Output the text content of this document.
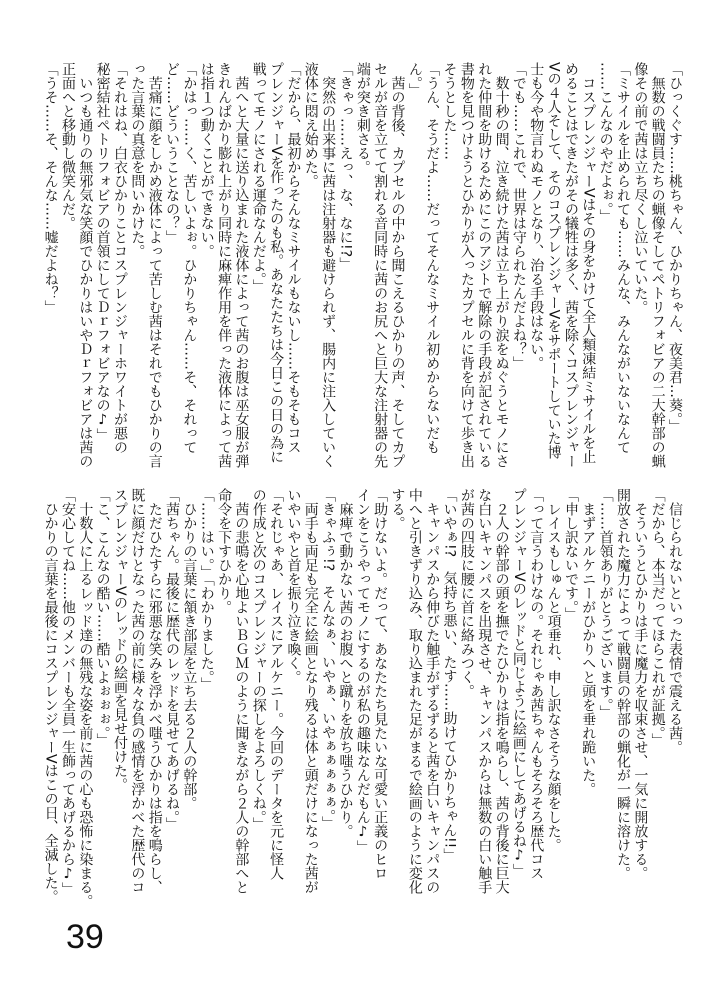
「ひっくぐす……桃ちゃん、ひかりちゃん、夜美君…葵。」
　無数の戦闘員たちの蝋像そしてペトリフォビアの二大幹部の蝋
像その前で茜は立ち尽くし泣いていた。
「ミサイルを止められても……みんな、みんながいないなんて
……こんなのやだよぉ。」
　コスプレンジャーVはその身をかけて全人類凍結ミサイルを止
めることはできたがその犠牲は多く、茜を除くコスプレンジャー
Vの４人そして、そのコスプレンジャーVをサポートしていた博
士も今や物言わぬモノとなり、治る手段はない。
「でも……これで、世界は守られたんだよね？」
　数十秒の間、泣き続けた茜は立ち上がり涙をぬぐうとモノにさ
れた仲間を助けるためにこのアジトで解除の手段が記されている
書物を見つけようとひかりが入ったカプセルに背を向けて歩き出
そうとした……
「うん、そうだよ……だってそんなミサイル初めからないだも
ん。」
　茜の背後、カプセルの中から聞こえるひかりの声、そしてカプ
セルが音を立てて割れる音同時に茜のお尻へと巨大な注射器の先
端が突き刺さる。
「きゃっ……えっ、な、なに!?」
　突然の出来事に茜は注射器も避けられず、腸内に注入していく
液体に悶え始めた。
「だから、最初からそんなミサイルもないし……そもそもコス
プレンジャーVを作ったのも私。あなたたちは今日この日の為に
戦ってモノにされる運命なんだよ。」
　茜へと大量に送り込まれた液体によって茜のお腹は巫女服が弾
きれんばかり膨れ上がり同時に麻痺作用を伴った液体によって茜
は指１つ動くことができない。
「かはっ……く、苦しいよぉ。ひかりちゃん……そ、それって
ど……どういうことなの？」
　苦痛に顔をしかめ液体によって苦しむ茜はそれでもひかりの言
った言葉の真意を問いかけた。
「それはね、白衣ひかりことコスプレンジャーホワイトが悪の
秘密結社ペトリフォビアの首領にしてＤｒフォビアなの♪」
　いつも通りの無邪気な笑顔でひかりはいやＤｒフォビアは茜の
正面へと移動し微笑んだ。
「うそ……そ、そんな……嘘だよね？」
　信じられないといった表情で震える茜。
「だから、本当だってほらこれが証拠。」
　そういうとひかりは手に魔力を収束させ、一気に開放する。
開放された魔力によって戦闘員の幹部の蝋化が一瞬に溶けた。
「……首領ありがとうございます。」
　まずアルケニーがひかりへと頭を垂れ跪いた。
「申し訳ないです。」
　レイスもしゅんと項垂れ、申し訳なさそうな顔をした。
「って言うわけなの。それじゃあ茜ちゃんもそろそろ歴代コス
プレンジャーVのレッドと同じように絵画にしてあげるね♪」
　２人の幹部の頭を撫でたひかりは指を鳴らし、茜の背後に巨大
な白いキャンパスを出現させ、キャンパスからは無数の白い触手
が茜の四肢に腰に首に絡みつく。
「いやぁ!?　気持ち悪い、たす……助けてひかりちゃん!!」
　キャンパスから伸びた触手がずるずると茜を白いキャンパスの
中へと引きずり込み、取り込まれた足がまるで絵画のように変化
する。
「助けないよ。だって、あなたたち見たいな可愛い正義のヒロ
インをこうやってモノにするのが私の趣味なんだもん♪」
　麻痺で動かない茜のお腹へと蹴りを放ち嗤うひかり。
「きゃふぅ!?　そんなぁ、いやぁ、いやぁぁぁぁぁ。」
　両手も両足も完全に絵画となり残るは体と頭だけになった茜が
いやいやと首を振り泣き喚く。
「それじゃあ、レイスにアルケニー。今回のデータを元に怪人
の作成と次のコスプレンジャーの探しをよろしくね。」
　茜の悲鳴を心地よいＢＧＭのように聞きながら２人の幹部へと
命令を下すひかり。
「……はい。」「わかりました。」
　ひかりの言葉に頷き部屋を立ち去る２人の幹部。
「茜ちゃん。最後に歴代のレッドを見せてあげるね。」
　ただひたすらに邪悪な笑みを浮かべ嗤うひかりは指を鳴らし、
既に顔だけとなった茜の前に様々な負の感情を浮かべた歴代のコ
スプレンジャーVのレッドの絵画を見せ付けた。
「こ、こんなの酷い……酷いよぉぉぉ。」
　十数人に上るレッド達の無残な姿を前に茜の心も恐怖に染まる。
「安心してね……他のメンバーも全員一生飾ってあげるから♪」
　ひかりの言葉を最後にコスプレンジャーVはこの日、全滅した。
39
